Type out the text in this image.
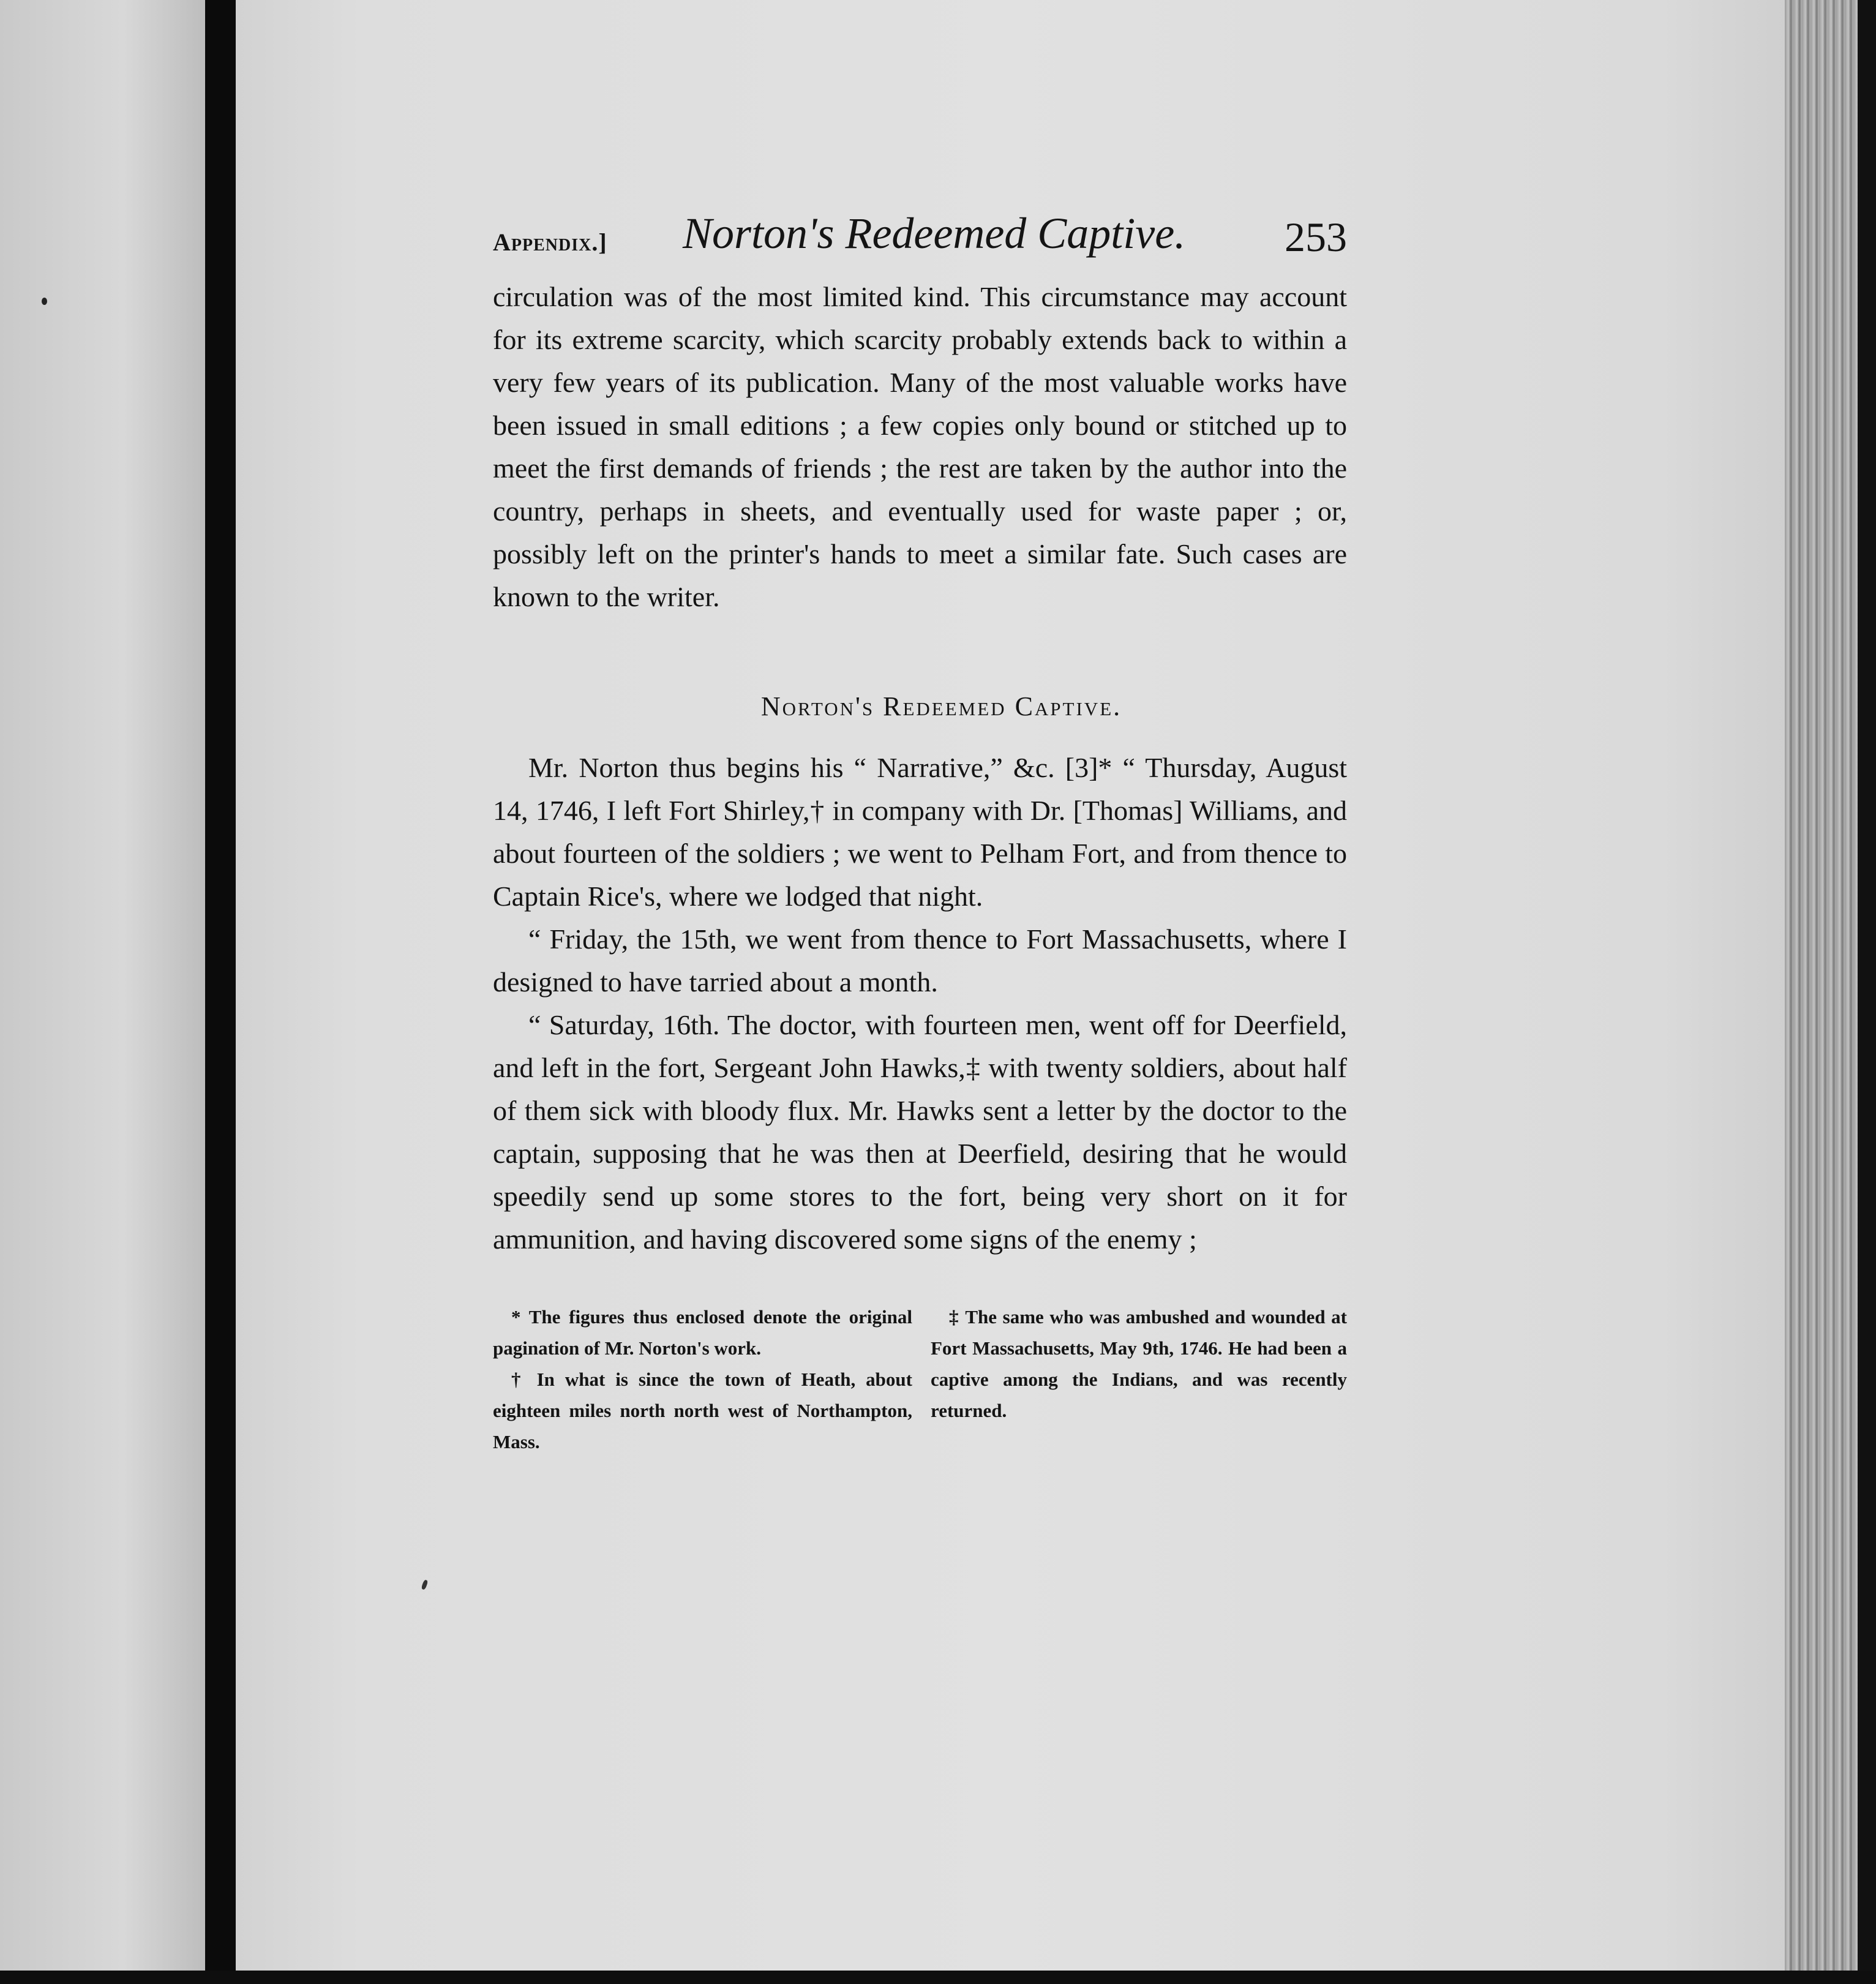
Appendix.] Norton's Redeemed Captive. 253

circulation was of the most limited kind. This circumstance may account for its extreme scarcity, which scarcity probably extends back to within a very few years of its publication. Many of the most valuable works have been issued in small editions ; a few copies only bound or stitched up to meet the first demands of friends ; the rest are taken by the author into the country, perhaps in sheets, and eventually used for waste paper ; or, possibly left on the printer's hands to meet a similar fate. Such cases are known to the writer.

Norton's Redeemed Captive.

Mr. Norton thus begins his “ Narrative,” &c. [3]* “ Thursday, August 14, 1746, I left Fort Shirley,† in company with Dr. [Thomas] Williams, and about fourteen of the soldiers ; we went to Pelham Fort, and from thence to Captain Rice's, where we lodged that night.

“ Friday, the 15th, we went from thence to Fort Massachusetts, where I designed to have tarried about a month.

“ Saturday, 16th. The doctor, with fourteen men, went off for Deerfield, and left in the fort, Sergeant John Hawks,‡ with twenty soldiers, about half of them sick with bloody flux. Mr. Hawks sent a letter by the doctor to the captain, supposing that he was then at Deerfield, desiring that he would speedily send up some stores to the fort, being very short on it for ammunition, and having discovered some signs of the enemy ;

* The figures thus enclosed denote the original pagination of Mr. Norton's work.

† In what is since the town of Heath, about eighteen miles north north west of Northampton, Mass.

‡ The same who was ambushed and wounded at Fort Massachusetts, May 9th, 1746. He had been a captive among the Indians, and was recently returned.
